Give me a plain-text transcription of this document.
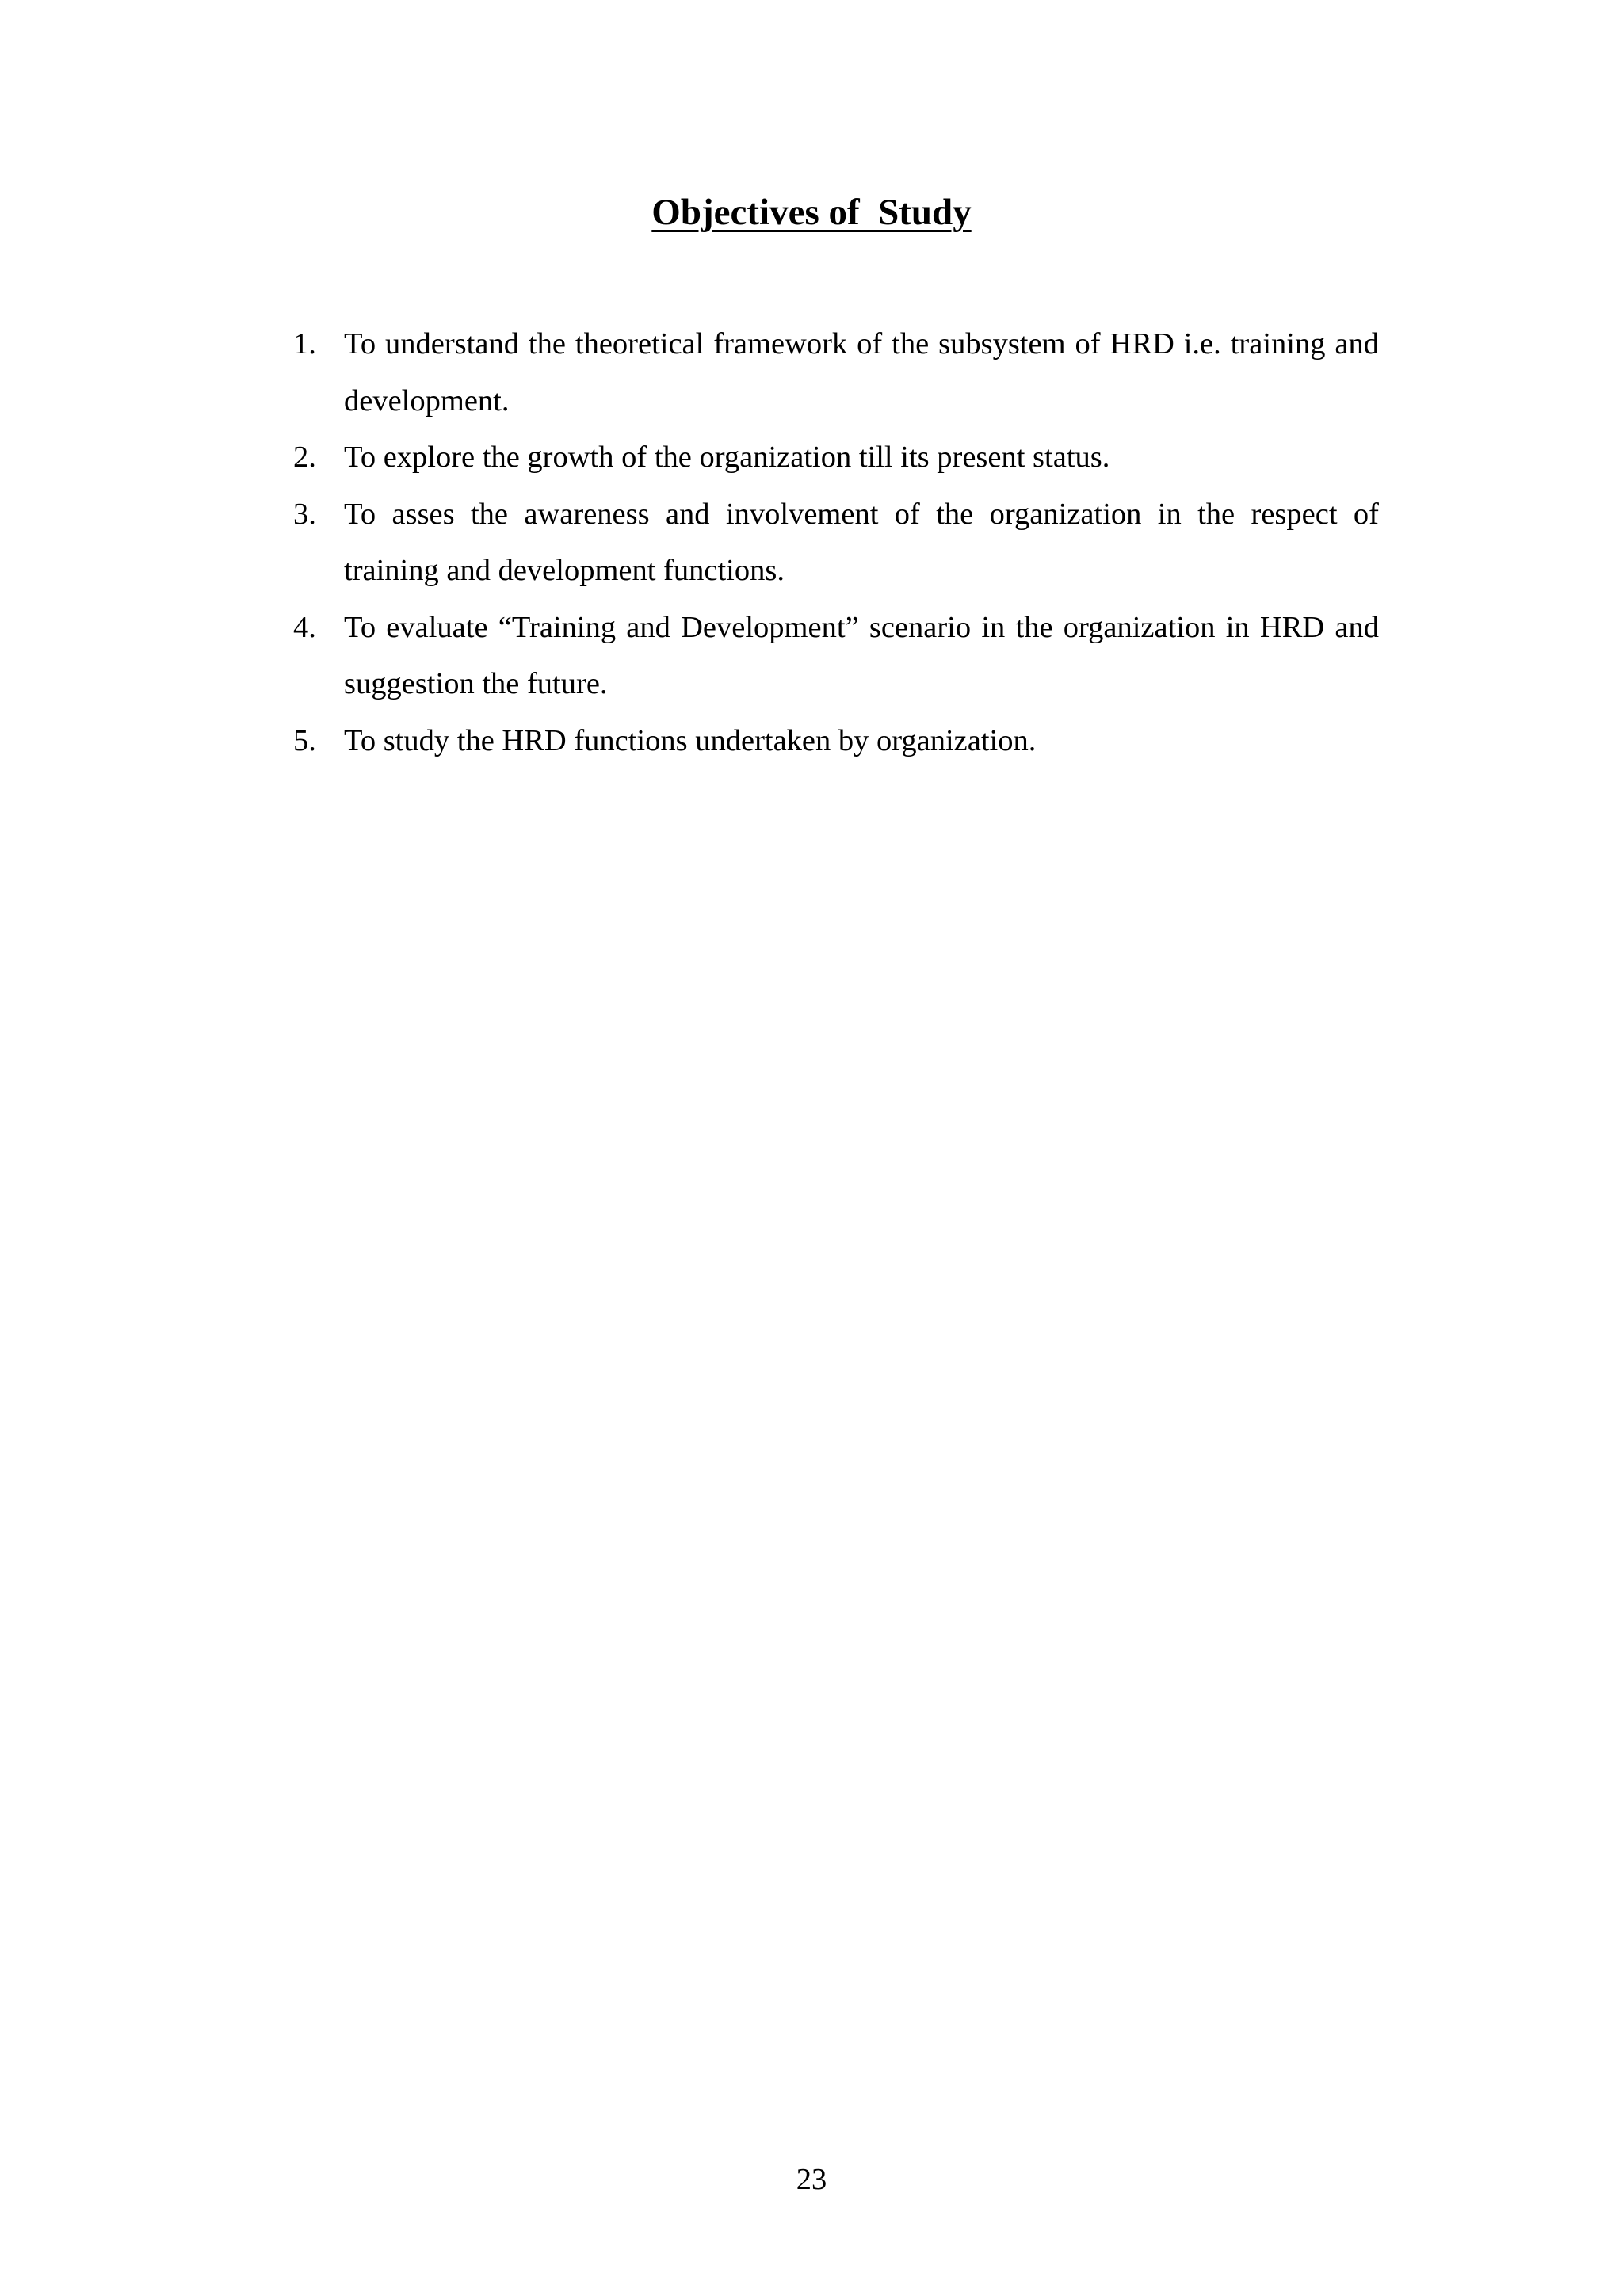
Objectives of  Study
1. To understand the theoretical framework of the subsystem of HRD i.e. training and development.
2. To explore the growth of the organization till its present status.
3. To asses the awareness and involvement of the organization in the respect of training and development functions.
4. To evaluate “Training and Development” scenario in the organization in HRD and suggestion the future.
5. To study the HRD functions undertaken by organization.
23
